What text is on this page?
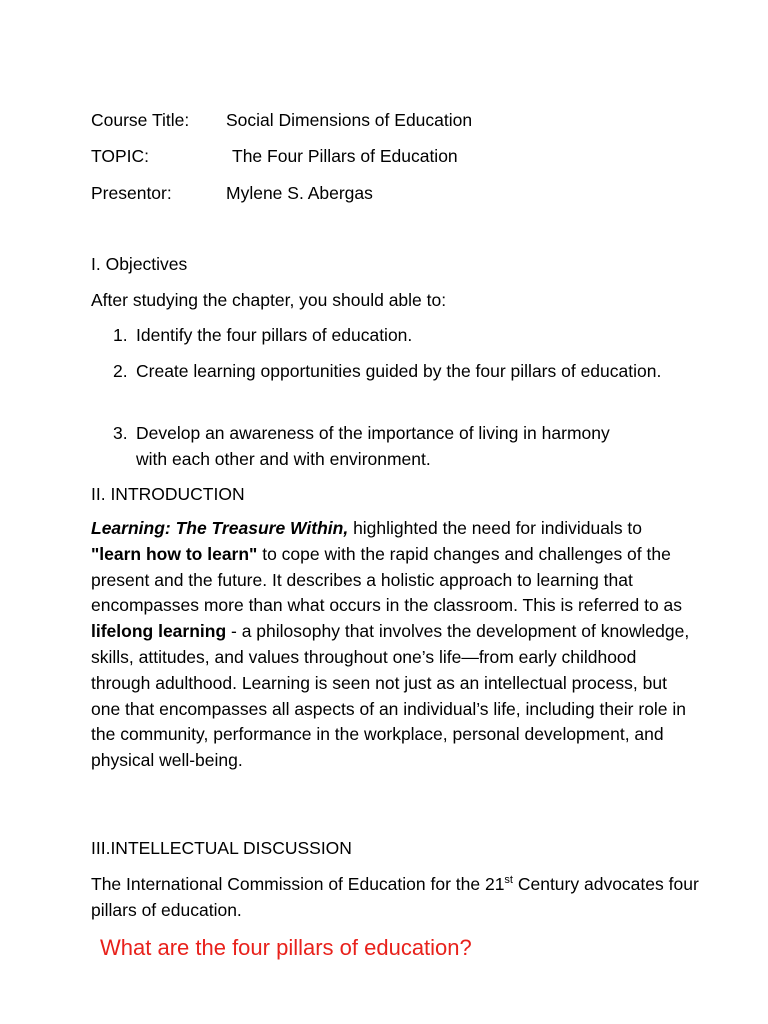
Course Title: Social Dimensions of Education
TOPIC:	The Four Pillars of Education
Presentor:	Mylene S. Abergas
I. Objectives
After studying the chapter, you should able to:
1. Identify the four pillars of education.
2. Create learning opportunities guided by the four pillars of education.
3. Develop an awareness of the importance of living in harmony with each other and with environment.
II. INTRODUCTION
Learning: The Treasure Within, highlighted the need for individuals to "learn how to learn" to cope with the rapid changes and challenges of the present and the future. It describes a holistic approach to learning that encompasses more than what occurs in the classroom. This is referred to as lifelong learning - a philosophy that involves the development of knowledge, skills, attitudes, and values throughout one’s life—from early childhood through adulthood. Learning is seen not just as an intellectual process, but one that encompasses all aspects of an individual’s life, including their role in the community, performance in the workplace, personal development, and physical well-being.
III.INTELLECTUAL DISCUSSION
The International Commission of Education for the 21st Century advocates four pillars of education.
What are the four pillars of education?
